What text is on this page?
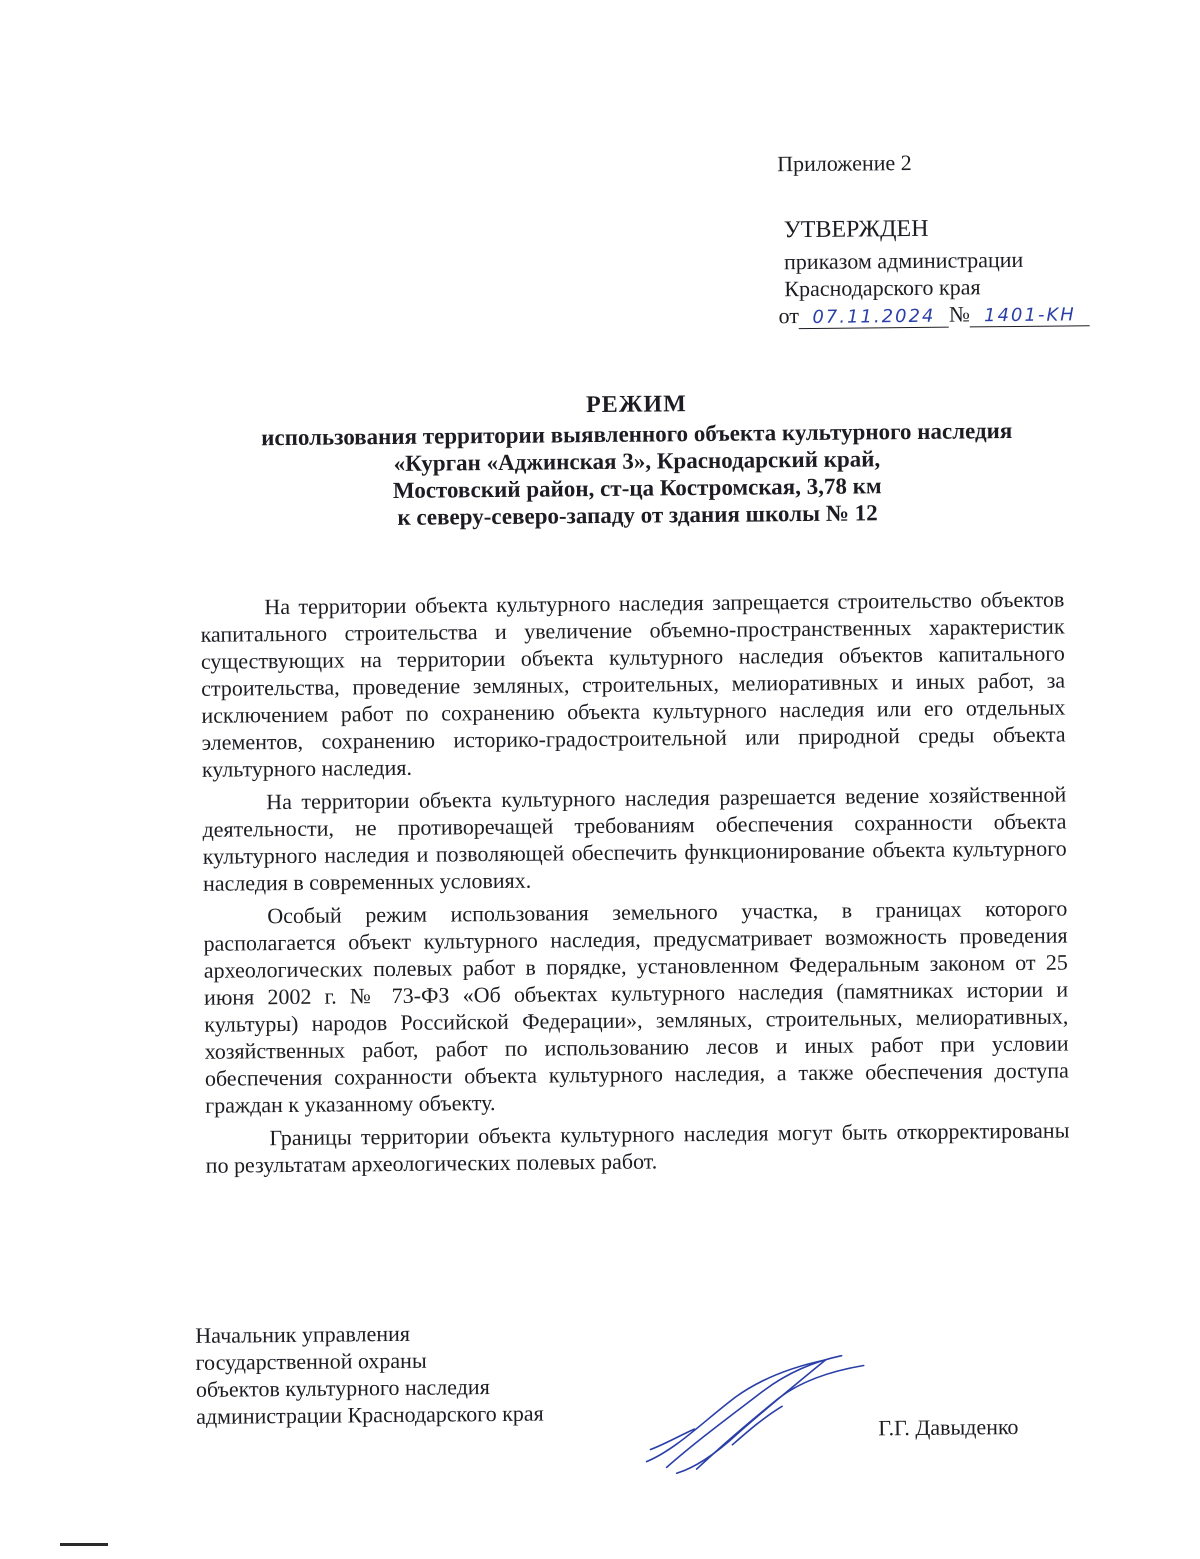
Приложение 2
УТВЕРЖДЕН
приказом администрации
Краснодарского края
от 07.11.2024 № 1401-KH
РЕЖИМ
использования территории выявленного объекта культурного наследия
«Курган «Аджинская 3», Краснодарский край,
Мостовский район, ст-ца Костромская, 3,78 км
к северу-северо-западу от здания школы № 12

На территории объекта культурного наследия запрещается строительство объектов капитального строительства и увеличение объемно-пространственных характеристик существующих на территории объекта культурного наследия объектов капитального строительства, проведение земляных, строительных, мелиоративных и иных работ, за исключением работ по сохранению объекта культурного наследия или его отдельных элементов, сохранению историко-градостроительной или природной среды объекта культурного наследия.

На территории объекта культурного наследия разрешается ведение хозяйственной деятельности, не противоречащей требованиям обеспечения сохранности объекта культурного наследия и позволяющей обеспечить функционирование объекта культурного наследия в современных условиях.

Особый режим использования земельного участка, в границах которого располагается объект культурного наследия, предусматривает возможность проведения археологических полевых работ в порядке, установленном Федеральным законом от 25 июня 2002 г. № 73-ФЗ «Об объектах культурного наследия (памятниках истории и культуры) народов Российской Федерации», земляных, строительных, мелиоративных, хозяйственных работ, работ по использованию лесов и иных работ при условии обеспечения сохранности объекта культурного наследия, а также обеспечения доступа граждан к указанному объекту.

Границы территории объекта культурного наследия могут быть откорректированы по результатам археологических полевых работ.

Начальник управления
государственной охраны
объектов культурного наследия
администрации Краснодарского края	Г.Г. Давыденко
